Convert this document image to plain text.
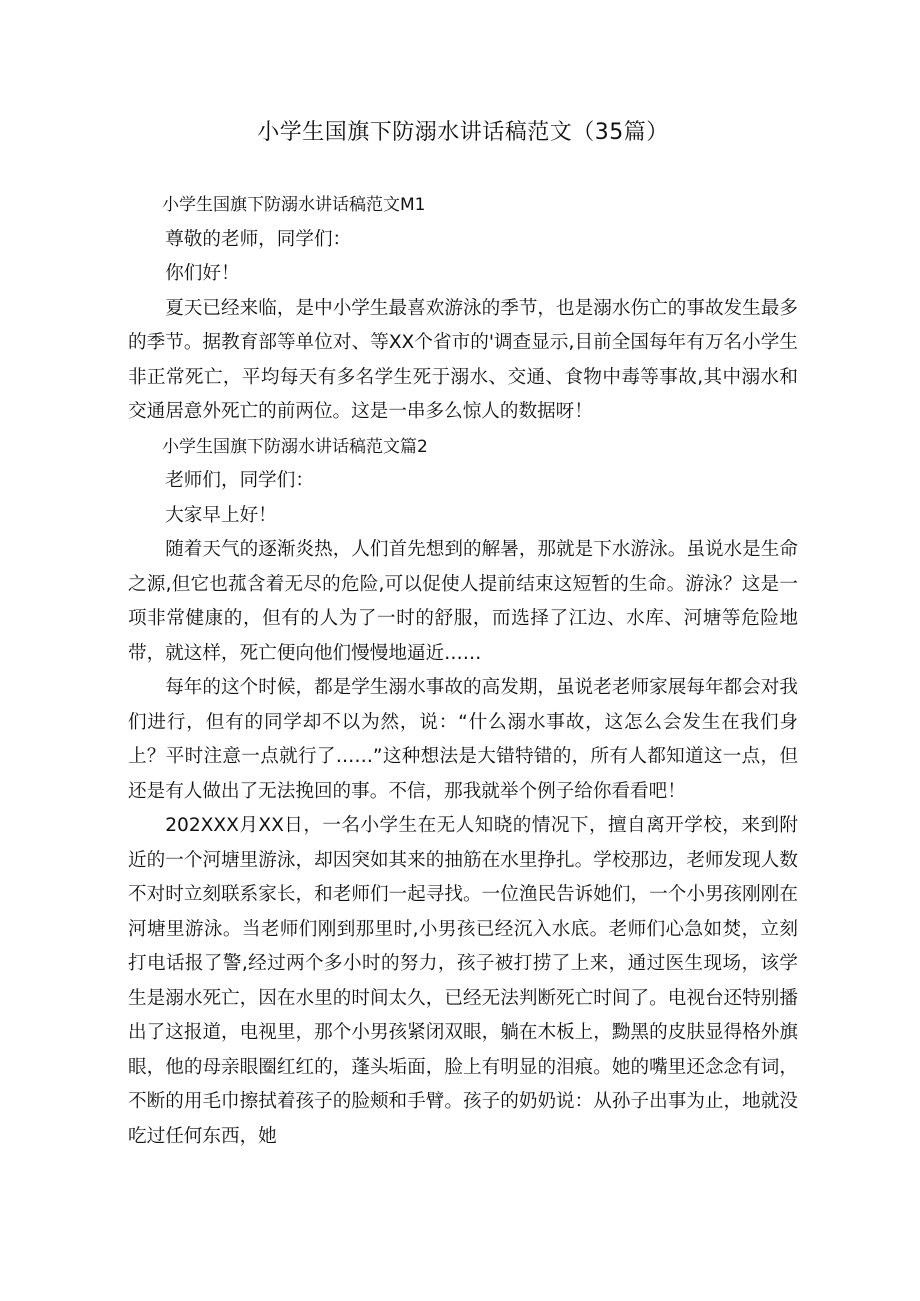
小学生国旗下防溺水讲话稿范文（35篇）

小学生国旗下防溺水讲话稿范文M1

尊敬的老师，同学们：

你们好！

夏天已经来临，是中小学生最喜欢游泳的季节，也是溺水伤亡的事故发生最多的季节。据教育部等单位对、等XX个省市的'调查显示,目前全国每年有万名小学生非正常死亡，平均每天有多名学生死于溺水、交通、食物中毒等事故,其中溺水和交通居意外死亡的前两位。这是一串多么惊人的数据呀！

小学生国旗下防溺水讲话稿范文篇2

老师们，同学们：

大家早上好！

随着天气的逐渐炎热，人们首先想到的解暑，那就是下水游泳。虽说水是生命之源,但它也菰含着无尽的危险,可以促使人提前结束这短暂的生命。游泳？这是一项非常健康的，但有的人为了一时的舒服，而选择了江边、水库、河塘等危险地带，就这样，死亡便向他们慢慢地逼近……

每年的这个时候，都是学生溺水事故的高发期，虽说老老师家展每年都会对我们进行，但有的同学却不以为然，说：“什么溺水事故，这怎么会发生在我们身上？平时注意一点就行了……”这种想法是大错特错的，所有人都知道这一点，但还是有人做出了无法挽回的事。不信，那我就举个例子给你看看吧！

202XXX月XX日，一名小学生在无人知晓的情况下，擅自离开学校，来到附近的一个河塘里游泳，却因突如其来的抽筋在水里挣扎。学校那边，老师发现人数不对时立刻联系家长，和老师们一起寻找。一位渔民告诉她们，一个小男孩刚刚在河塘里游泳。当老师们刚到那里时,小男孩已经沉入水底。老师们心急如焚，立刻打电话报了警,经过两个多小时的努力，孩子被打捞了上来，通过医生现场，该学生是溺水死亡，因在水里的时间太久，已经无法判断死亡时间了。电视台还特别播出了这报道，电视里，那个小男孩紧闭双眼，躺在木板上，黝黑的皮肤显得格外旗眼，他的母亲眼圈红红的，蓬头垢面，脸上有明显的泪痕。她的嘴里还念念有词，不断的用毛巾擦拭着孩子的脸颊和手臂。孩子的奶奶说：从孙子出事为止，地就没吃过任何东西，她
